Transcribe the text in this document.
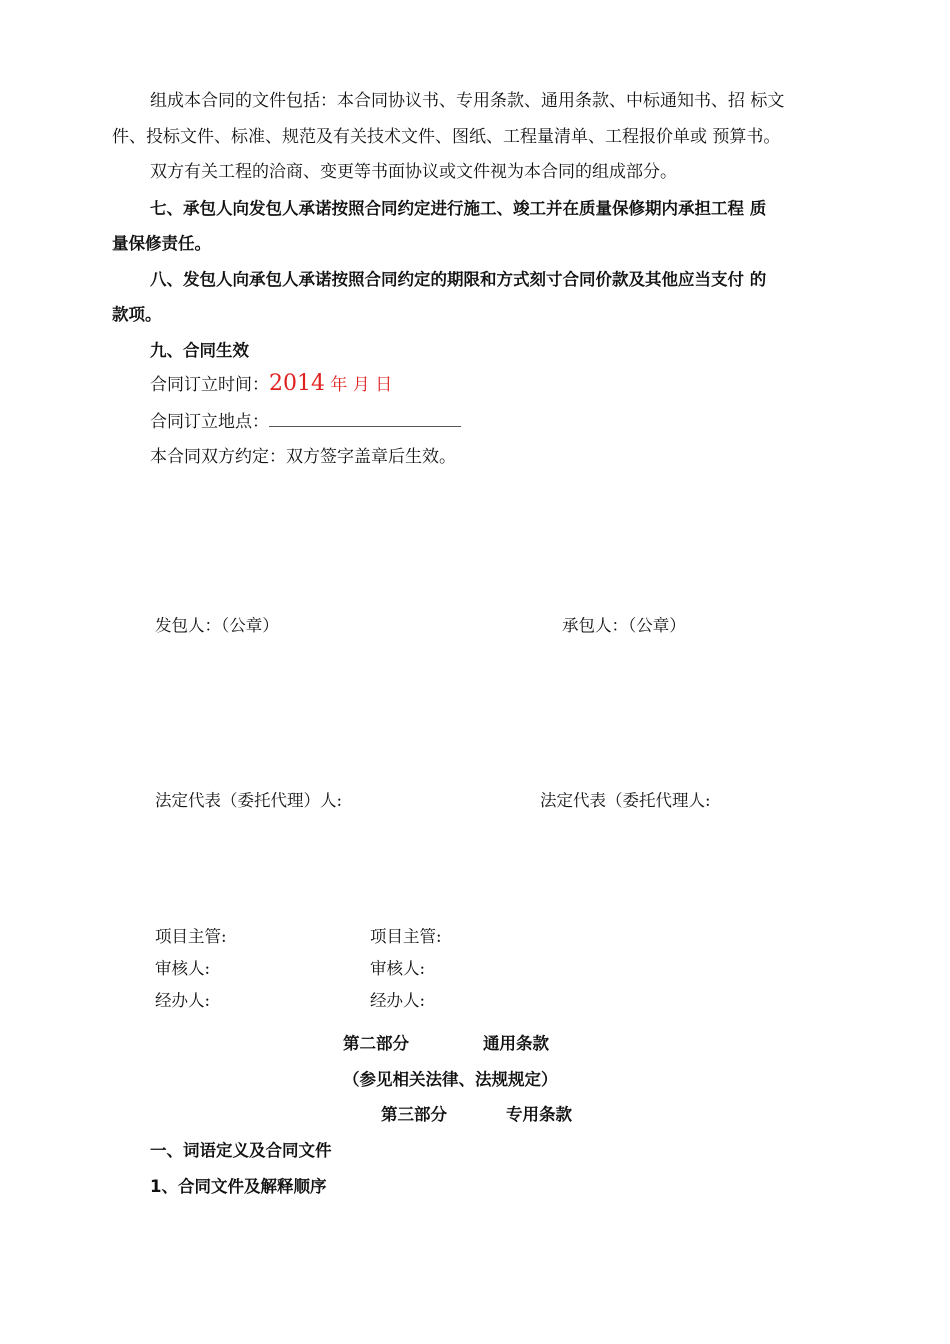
组成本合同的文件包括：本合同协议书、专用条款、通用条款、中标通知书、招 标文
件、投标文件、标准、规范及有关技术文件、图纸、工程量清单、工程报价单或 预算书。
双方有关工程的洽商、变更等书面协议或文件视为本合同的组成部分。
七、承包人向发包人承诺按照合同约定进行施工、竣工并在质量保修期内承担工程 质
量保修责任。
八、发包人向承包人承诺按照合同约定的期限和方式刻寸合同价款及其他应当支付 的
款项。
九、合同生效
合同订立时间：2014 年 月 日
合同订立地点：
本合同双方约定：双方签字盖章后生效。
发包人：（公章）	承包人：（公章）
法定代表（委托代理）人:	法定代表（委托代理人:
项目主管:	项目主管:
审核人:	审核人:
经办人:	经办人:
第二部分	通用条款
（参见相关法律、法规规定）
第三部分	专用条款
一、词语定义及合同文件
1、合同文件及解释顺序
